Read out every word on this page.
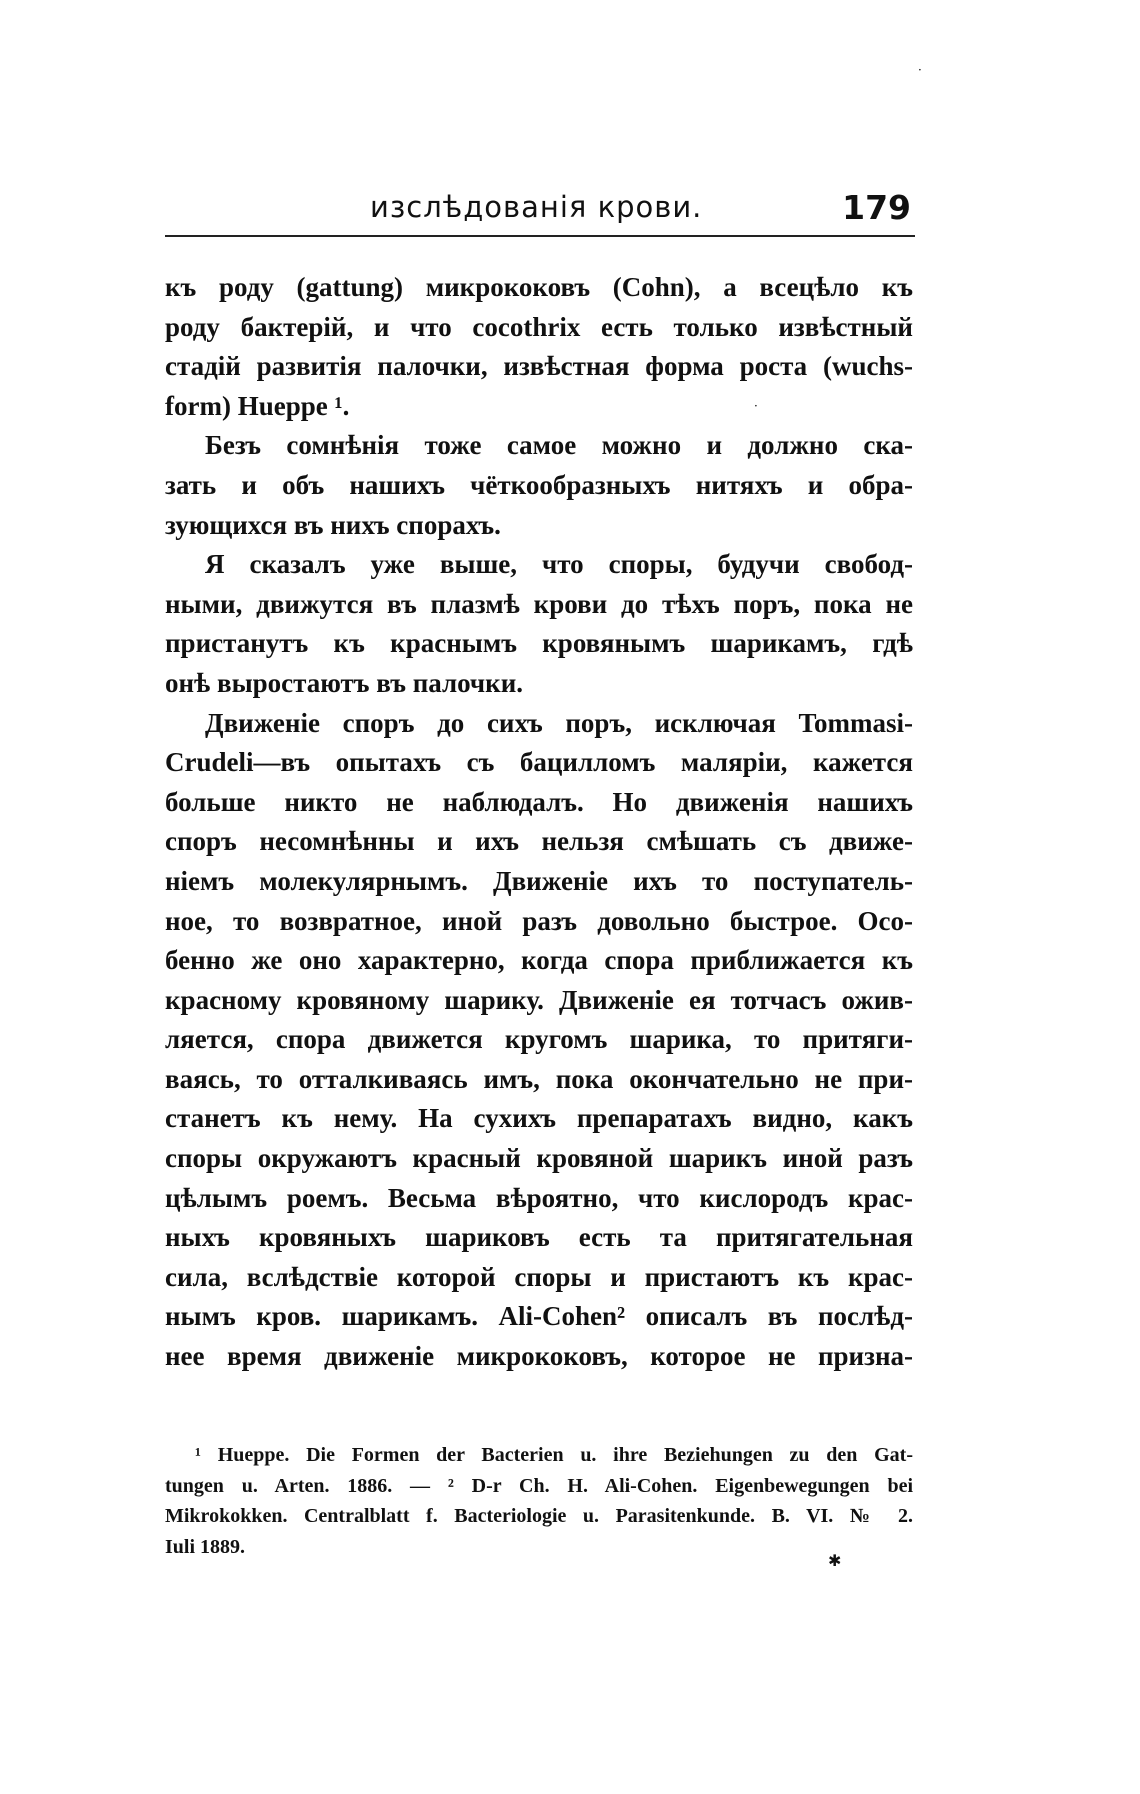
изслѣдованія крови.	179
къ роду (gattung) микрококовъ (Cohn), а всецѣло къ
роду бактерій, и что cocothrix есть только извѣстный
стадій развитія палочки, извѣстная форма роста (wuchs-
form) Hueppe ¹.
Безъ сомнѣнія тоже самое можно и должно ска-
зать и объ нашихъ чёткообразныхъ нитяхъ и обра-
зующихся въ нихъ спорахъ.
Я сказалъ уже выше, что споры, будучи свобод-
ными, движутся въ плазмѣ крови до тѣхъ поръ, пока не
пристанутъ къ краснымъ кровянымъ шарикамъ, гдѣ
онѣ выростаютъ въ палочки.
Движеніе споръ до сихъ поръ, исключая Tommasi-
Crudeli—въ опытахъ съ бацилломъ маляріи, кажется
больше никто не наблюдалъ. Но движенія нашихъ
споръ несомнѣнны и ихъ нельзя смѣшать съ движе-
ніемъ молекулярнымъ. Движеніе ихъ то поступатель-
ное, то возвратное, иной разъ довольно быстрое. Осо-
бенно же оно характерно, когда спора приближается къ
красному кровяному шарику. Движеніе ея тотчасъ ожив-
ляется, спора движется кругомъ шарика, то притяги-
ваясь, то отталкиваясь имъ, пока окончательно не при-
станетъ къ нему. На сухихъ препаратахъ видно, какъ
споры окружаютъ красный кровяной шарикъ иной разъ
цѣлымъ роемъ. Весьма вѣроятно, что кислородъ крас-
ныхъ кровяныхъ шариковъ есть та притягательная
сила, вслѣдствіе которой споры и пристаютъ къ крас-
нымъ кров. шарикамъ. Ali-Cohen² описалъ въ послѣд-
нее время движеніе микрококовъ, которое не призна-
¹ Hueppe. Die Formen der Bacterien u. ihre Beziehungen zu den Gat-
tungen u. Arten. 1886. — ² D-r Ch. H. Ali-Cohen. Eigenbewegungen bei
Mikrokokken. Centralblatt f. Bacteriologie u. Parasitenkunde. B. VI. № 2.
Iuli 1889.
·
·
✱
